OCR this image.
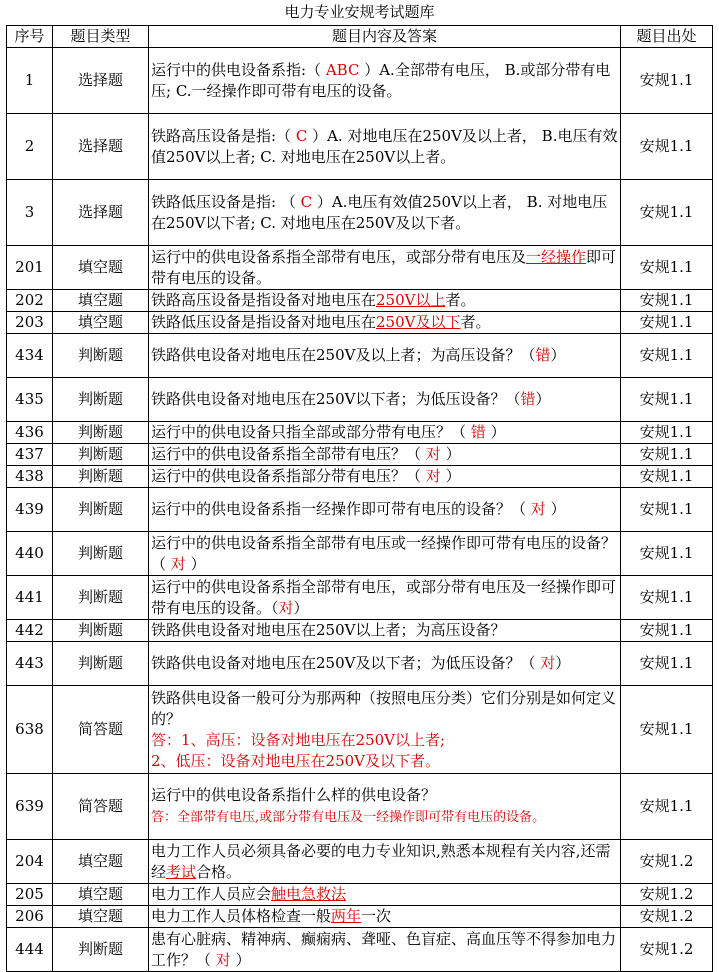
电力专业安规考试题库
序号	题目类型	题目内容及答案	题目出处
1	选择题	运行中的供电设备系指:（ ABC ）A.全部带有电压， B.或部分带有电压; C.一经操作即可带有电压的设备。	安规1.1
2	选择题	铁路高压设备是指:（ C ）A. 对地电压在250V及以上者， B.电压有效值250V以上者; C. 对地电压在250V以上者。	安规1.1
3	选择题	铁路低压设备是指: （ C ）A.电压有效值250V以上者， B. 对地电压在250V以下者; C. 对地电压在250V及以下者。	安规1.1
201	填空题	运行中的供电设备系指全部带有电压，或部分带有电压及一经操作即可带有电压的设备。	安规1.1
202	填空题	铁路高压设备是指设备对地电压在250V以上者。	安规1.1
203	填空题	铁路低压设备是指设备对地电压在250V及以下者。	安规1.1
434	判断题	铁路供电设备对地电压在250V及以上者；为高压设备？（错）	安规1.1
435	判断题	铁路供电设备对地电压在250V以下者；为低压设备？（错）	安规1.1
436	判断题	运行中的供电设备只指全部或部分带有电压？（ 错 ）	安规1.1
437	判断题	运行中的供电设备系指全部带有电压？（ 对 ）	安规1.1
438	判断题	运行中的供电设备系指部分带有电压？（ 对 ）	安规1.1
439	判断题	运行中的供电设备系指一经操作即可带有电压的设备？（ 对 ）	安规1.1
440	判断题	运行中的供电设备系指全部带有电压或一经操作即可带有电压的设备？（ 对 ）	安规1.1
441	判断题	运行中的供电设备系指全部带有电压，或部分带有电压及一经操作即可带有电压的设备。（对）	安规1.1
442	判断题	铁路供电设备对地电压在250V以上者；为高压设备？	安规1.1
443	判断题	铁路供电设备对地电压在250V及以下者；为低压设备？（ 对）	安规1.1
638	简答题	铁路供电设备一般可分为那两种（按照电压分类）它们分别是如何定义的？
答：1、高压：设备对地电压在250V以上者;
2、低压：设备对地电压在250V及以下者。	安规1.1
639	简答题	运行中的供电设备系指什么样的供电设备？
答：全部带有电压,或部分带有电压及一经操作即可带有电压的设备。	安规1.1
204	填空题	电力工作人员必须具备必要的电力专业知识,熟悉本规程有关内容,还需经考试合格。	安规1.2
205	填空题	电力工作人员应会触电急救法	安规1.2
206	填空题	电力工作人员体格检查一般两年一次	安规1.2
444	判断题	患有心脏病、精神病、癫痫病、聋哑、色盲症、高血压等不得参加电力工作？（ 对 ）	安规1.2
